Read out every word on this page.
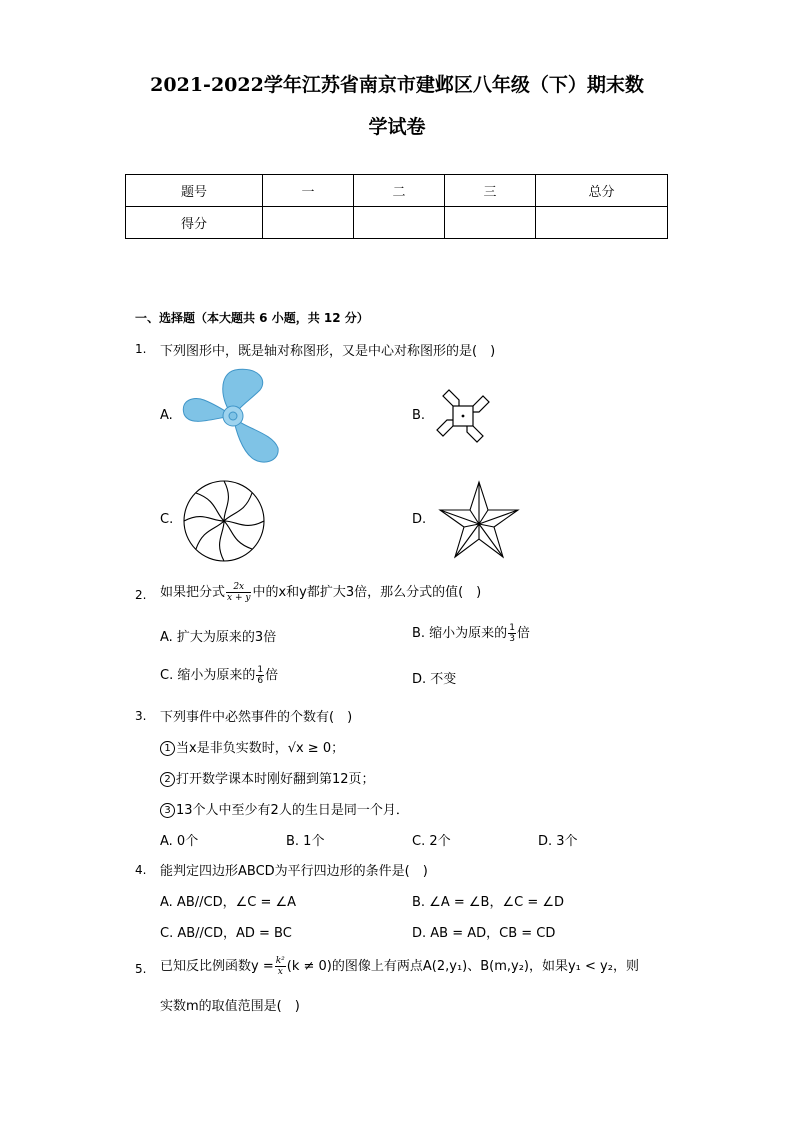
2021-2022学年江苏省南京市建邺区八年级（下）期末数
学试卷
题号	一	二	三	总分
得分				
一、选择题（本大题共 6 小题，共 12 分）
1. 下列图形中，既是轴对称图形，又是中心对称图形的是(　)
A.	B.
C.	D.
2. 如果把分式 $\frac{2x}{x + y}$ 中的x和y都扩大3倍，那么分式的值(　)
A. 扩大为原来的3倍	B. 缩小为原来的 $\frac{1}{3}$ 倍
C. 缩小为原来的 $\frac{1}{6}$ 倍	D. 不变
3. 下列事件中必然事件的个数有(　)
1 当x是非负实数时，√x ≥ 0；
2 打开数学课本时刚好翻到第12页；
3 13个人中至少有2人的生日是同一个月．
A. 0个	B. 1个	C. 2个	D. 3个
4. 能判定四边形ABCD为平行四边形的条件是(　)
A. AB//CD，∠C = ∠A	B. ∠A = ∠B，∠C = ∠D
C. AB//CD，AD = BC	D. AB = AD，CB = CD
5. 已知反比例函数$y = \frac{\text{k²}}{x} (k \ne 0)$的图像上有两点A(2,y₁)、B(m,y₂)，如果y₁ < y₂，则
实数m的取值范围是(　)
